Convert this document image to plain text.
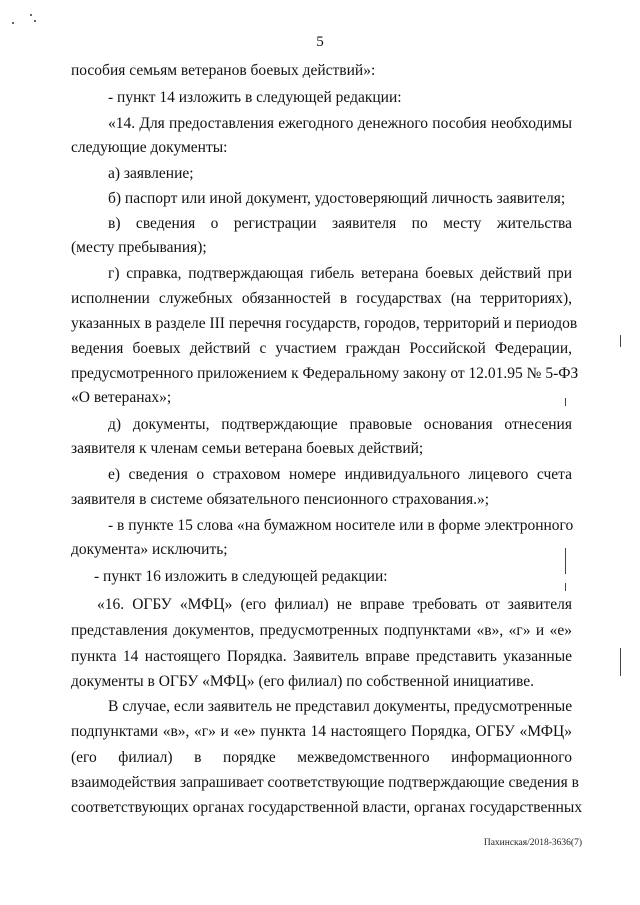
5
пособия семьям ветеранов боевых действий»:
- пункт 14 изложить в следующей редакции:
«14. Для предоставления ежегодного денежного пособия необходимы
следующие документы:
а) заявление;
б) паспорт или иной документ, удостоверяющий личность заявителя;
в) сведения о регистрации заявителя по месту жительства
(месту пребывания);
г) справка, подтверждающая гибель ветерана боевых действий при
исполнении служебных обязанностей в государствах (на территориях),
указанных в разделе III перечня государств, городов, территорий и периодов
ведения боевых действий с участием граждан Российской Федерации,
предусмотренного приложением к Федеральному закону от 12.01.95 № 5-ФЗ
«О ветеранах»;
д) документы, подтверждающие правовые основания отнесения
заявителя к членам семьи ветерана боевых действий;
е) сведения о страховом номере индивидуального лицевого счета
заявителя в системе обязательного пенсионного страхования.»;
- в пункте 15 слова «на бумажном носителе или в форме электронного
документа» исключить;
- пункт 16 изложить в следующей редакции:
«16. ОГБУ «МФЦ» (его филиал) не вправе требовать от заявителя
представления документов, предусмотренных подпунктами «в», «г» и «е»
пункта 14 настоящего Порядка. Заявитель вправе представить указанные
документы в ОГБУ «МФЦ» (его филиал) по собственной инициативе.
В случае, если заявитель не представил документы, предусмотренные
подпунктами «в», «г» и «е» пункта 14 настоящего Порядка, ОГБУ «МФЦ»
(его филиал) в порядке межведомственного информационного
взаимодействия запрашивает соответствующие подтверждающие сведения в
соответствующих органах государственной власти, органах государственных
Пахинская/2018-3636(7)
